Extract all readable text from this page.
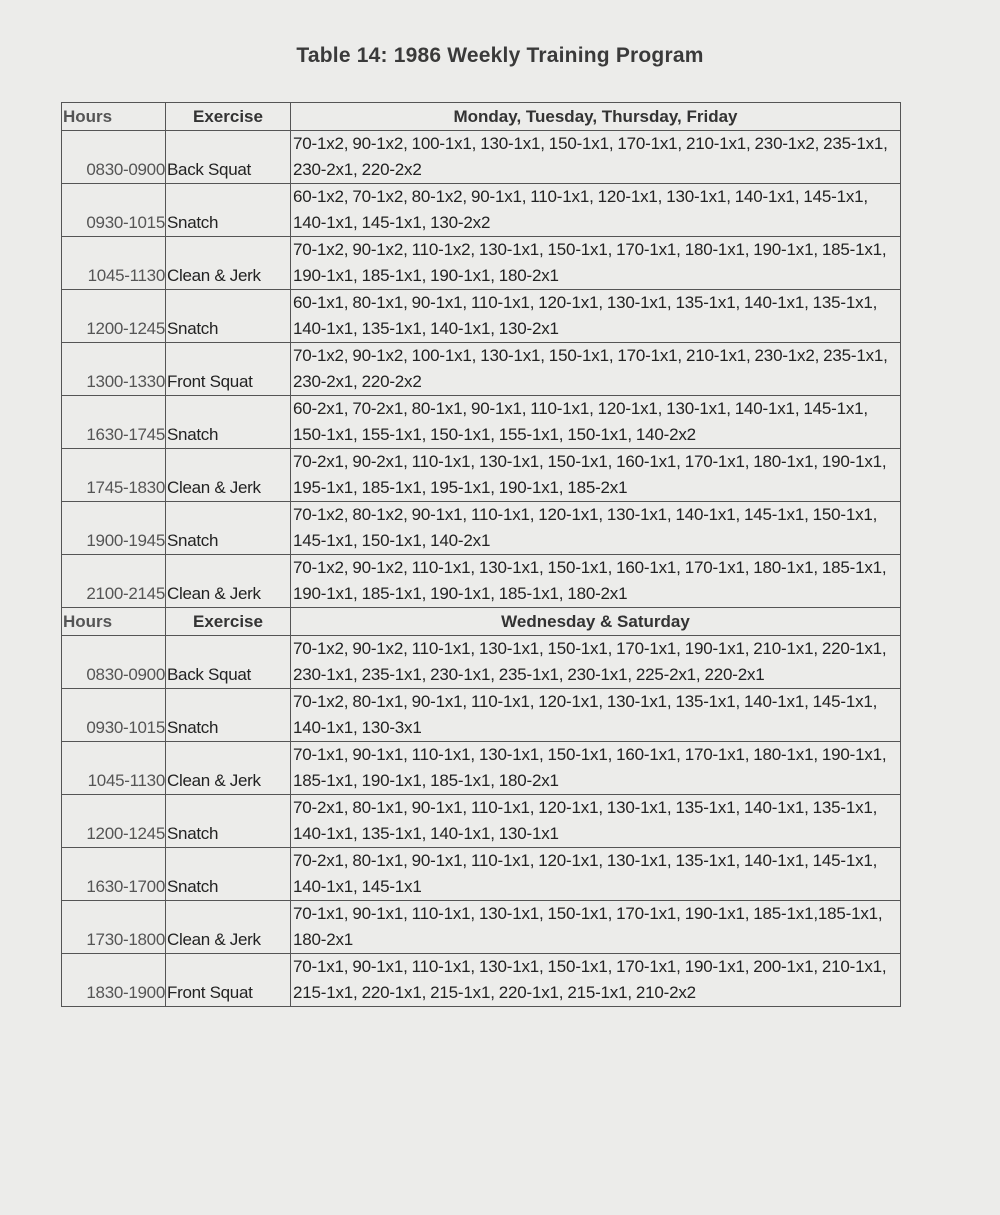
Table 14: 1986 Weekly Training Program
Hours	Exercise	Monday, Tuesday, Thursday, Friday
0830-0900	Back Squat	70-1x2, 90-1x2, 100-1x1, 130-1x1, 150-1x1, 170-1x1, 210-1x1, 230-1x2, 235-1x1, 230-2x1, 220-2x2
0930-1015	Snatch	60-1x2, 70-1x2, 80-1x2, 90-1x1, 110-1x1, 120-1x1, 130-1x1, 140-1x1, 145-1x1, 140-1x1, 145-1x1, 130-2x2
1045-1130	Clean & Jerk	70-1x2, 90-1x2, 110-1x2, 130-1x1, 150-1x1, 170-1x1, 180-1x1, 190-1x1, 185-1x1, 190-1x1, 185-1x1, 190-1x1, 180-2x1
1200-1245	Snatch	60-1x1, 80-1x1, 90-1x1, 110-1x1, 120-1x1, 130-1x1, 135-1x1, 140-1x1, 135-1x1, 140-1x1, 135-1x1, 140-1x1, 130-2x1
1300-1330	Front Squat	70-1x2, 90-1x2, 100-1x1, 130-1x1, 150-1x1, 170-1x1, 210-1x1, 230-1x2, 235-1x1, 230-2x1, 220-2x2
1630-1745	Snatch	60-2x1, 70-2x1, 80-1x1, 90-1x1, 110-1x1, 120-1x1, 130-1x1, 140-1x1, 145-1x1, 150-1x1, 155-1x1, 150-1x1, 155-1x1, 150-1x1, 140-2x2
1745-1830	Clean & Jerk	70-2x1, 90-2x1, 110-1x1, 130-1x1, 150-1x1, 160-1x1, 170-1x1, 180-1x1, 190-1x1, 195-1x1, 185-1x1, 195-1x1, 190-1x1, 185-2x1
1900-1945	Snatch	70-1x2, 80-1x2, 90-1x1, 110-1x1, 120-1x1, 130-1x1, 140-1x1, 145-1x1, 150-1x1, 145-1x1, 150-1x1, 140-2x1
2100-2145	Clean & Jerk	70-1x2, 90-1x2, 110-1x1, 130-1x1, 150-1x1, 160-1x1, 170-1x1, 180-1x1, 185-1x1, 190-1x1, 185-1x1, 190-1x1, 185-1x1, 180-2x1
Hours	Exercise	Wednesday & Saturday
0830-0900	Back Squat	70-1x2, 90-1x2, 110-1x1, 130-1x1, 150-1x1, 170-1x1, 190-1x1, 210-1x1, 220-1x1, 230-1x1, 235-1x1, 230-1x1, 235-1x1, 230-1x1, 225-2x1, 220-2x1
0930-1015	Snatch	70-1x2, 80-1x1, 90-1x1, 110-1x1, 120-1x1, 130-1x1, 135-1x1, 140-1x1, 145-1x1, 140-1x1, 130-3x1
1045-1130	Clean & Jerk	70-1x1, 90-1x1, 110-1x1, 130-1x1, 150-1x1, 160-1x1, 170-1x1, 180-1x1, 190-1x1, 185-1x1, 190-1x1, 185-1x1, 180-2x1
1200-1245	Snatch	70-2x1, 80-1x1, 90-1x1, 110-1x1, 120-1x1, 130-1x1, 135-1x1, 140-1x1, 135-1x1, 140-1x1, 135-1x1, 140-1x1, 130-1x1
1630-1700	Snatch	70-2x1, 80-1x1, 90-1x1, 110-1x1, 120-1x1, 130-1x1, 135-1x1, 140-1x1, 145-1x1, 140-1x1, 145-1x1
1730-1800	Clean & Jerk	70-1x1, 90-1x1, 110-1x1, 130-1x1, 150-1x1, 170-1x1, 190-1x1, 185-1x1,185-1x1, 180-2x1
1830-1900	Front Squat	70-1x1, 90-1x1, 110-1x1, 130-1x1, 150-1x1, 170-1x1, 190-1x1, 200-1x1, 210-1x1, 215-1x1, 220-1x1, 215-1x1, 220-1x1, 215-1x1, 210-2x2
